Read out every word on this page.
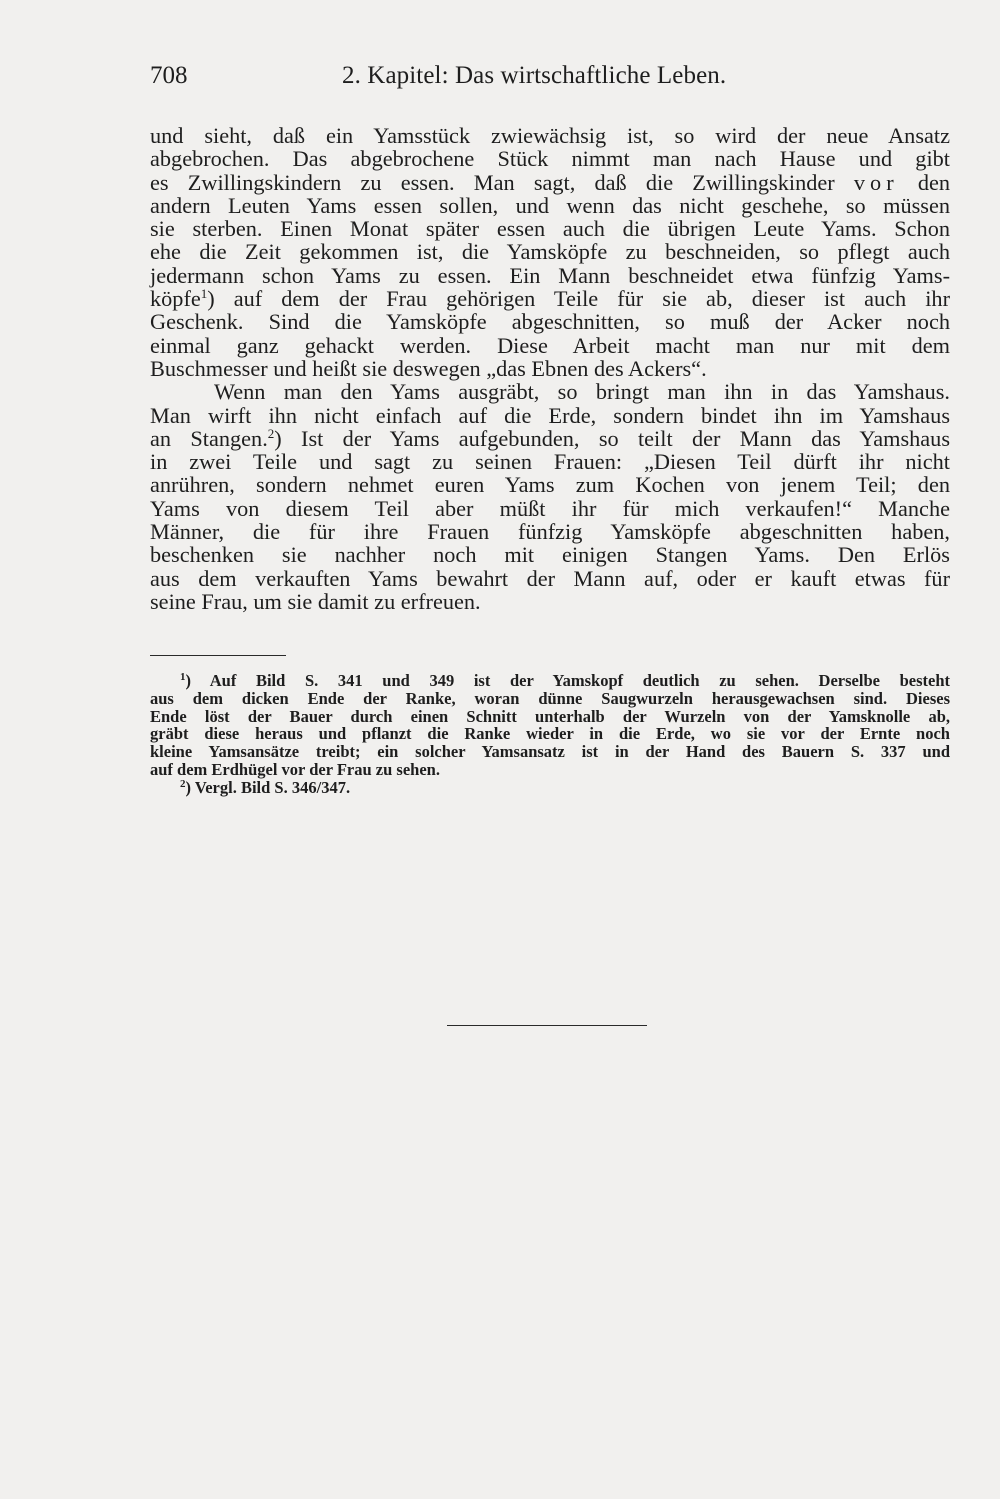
708	2. Kapitel: Das wirtschaftliche Leben.
und sieht, daß ein Yamsstück zwiewächsig ist, so wird der neue Ansatz
abgebrochen. Das abgebrochene Stück nimmt man nach Hause und gibt
es Zwillingskindern zu essen. Man sagt, daß die Zwillingskinder vor den
andern Leuten Yams essen sollen, und wenn das nicht geschehe, so müssen
sie sterben. Einen Monat später essen auch die übrigen Leute Yams. Schon
ehe die Zeit gekommen ist, die Yamsköpfe zu beschneiden, so pflegt auch
jedermann schon Yams zu essen. Ein Mann beschneidet etwa fünfzig Yams-
köpfe$^1$) auf dem der Frau gehörigen Teile für sie ab, dieser ist auch ihr
Geschenk. Sind die Yamsköpfe abgeschnitten, so muß der Acker noch
einmal ganz gehackt werden. Diese Arbeit macht man nur mit dem
Buschmesser und heißt sie deswegen „das Ebnen des Ackers“.
Wenn man den Yams ausgräbt, so bringt man ihn in das Yamshaus.
Man wirft ihn nicht einfach auf die Erde, sondern bindet ihn im Yamshaus
an Stangen.$^2$) Ist der Yams aufgebunden, so teilt der Mann das Yamshaus
in zwei Teile und sagt zu seinen Frauen: „Diesen Teil dürft ihr nicht
anrühren, sondern nehmet euren Yams zum Kochen von jenem Teil; den
Yams von diesem Teil aber müßt ihr für mich verkaufen!“ Manche
Männer, die für ihre Frauen fünfzig Yamsköpfe abgeschnitten haben,
beschenken sie nachher noch mit einigen Stangen Yams. Den Erlös
aus dem verkauften Yams bewahrt der Mann auf, oder er kauft etwas für
seine Frau, um sie damit zu erfreuen.
$^1$) Auf Bild S. 341 und 349 ist der Yamskopf deutlich zu sehen. Derselbe besteht
aus dem dicken Ende der Ranke, woran dünne Saugwurzeln herausgewachsen sind. Dieses
Ende löst der Bauer durch einen Schnitt unterhalb der Wurzeln von der Yamsknolle ab,
gräbt diese heraus und pflanzt die Ranke wieder in die Erde, wo sie vor der Ernte noch
kleine Yamsansätze treibt; ein solcher Yamsansatz ist in der Hand des Bauern S. 337 und
auf dem Erdhügel vor der Frau zu sehen.
$^2$) Vergl. Bild S. 346/347.
